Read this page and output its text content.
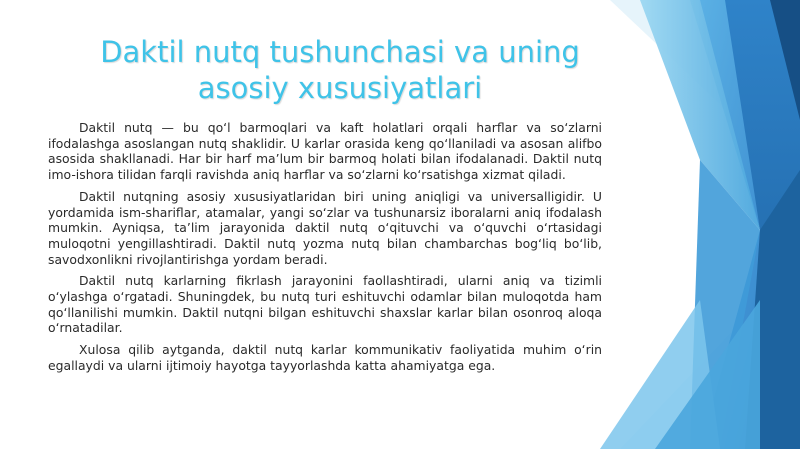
Daktil nutq tushunchasi va uning
asosiy xususiyatlari

Daktil nutq — bu qo‘l barmoqlari va kaft holatlari orqali harflar va so‘zlarni ifodalashga asoslangan nutq shaklidir. U karlar orasida keng qo‘llaniladi va asosan alifbo asosida shakllanadi. Har bir harf ma’lum bir barmoq holati bilan ifodalanadi. Daktil nutq imo-ishora tilidan farqli ravishda aniq harflar va so‘zlarni ko‘rsatishga xizmat qiladi.

Daktil nutqning asosiy xususiyatlaridan biri uning aniqligi va universalligidir. U yordamida ism-shariflar, atamalar, yangi so‘zlar va tushunarsiz iboralarni aniq ifodalash mumkin. Ayniqsa, ta’lim jarayonida daktil nutq o‘qituvchi va o‘quvchi o‘rtasidagi muloqotni yengillashtiradi. Daktil nutq yozma nutq bilan chambarchas bog‘liq bo‘lib, savodxonlikni rivojlantirishga yordam beradi.

Daktil nutq karlarning fikrlash jarayonini faollashtiradi, ularni aniq va tizimli o‘ylashga o‘rgatadi. Shuningdek, bu nutq turi eshituvchi odamlar bilan muloqotda ham qo‘llanilishi mumkin. Daktil nutqni bilgan eshituvchi shaxslar karlar bilan osonroq aloqa o‘rnatadilar.

Xulosa qilib aytganda, daktil nutq karlar kommunikativ faoliyatida muhim o‘rin egallaydi va ularni ijtimoiy hayotga tayyorlashda katta ahamiyatga ega.
